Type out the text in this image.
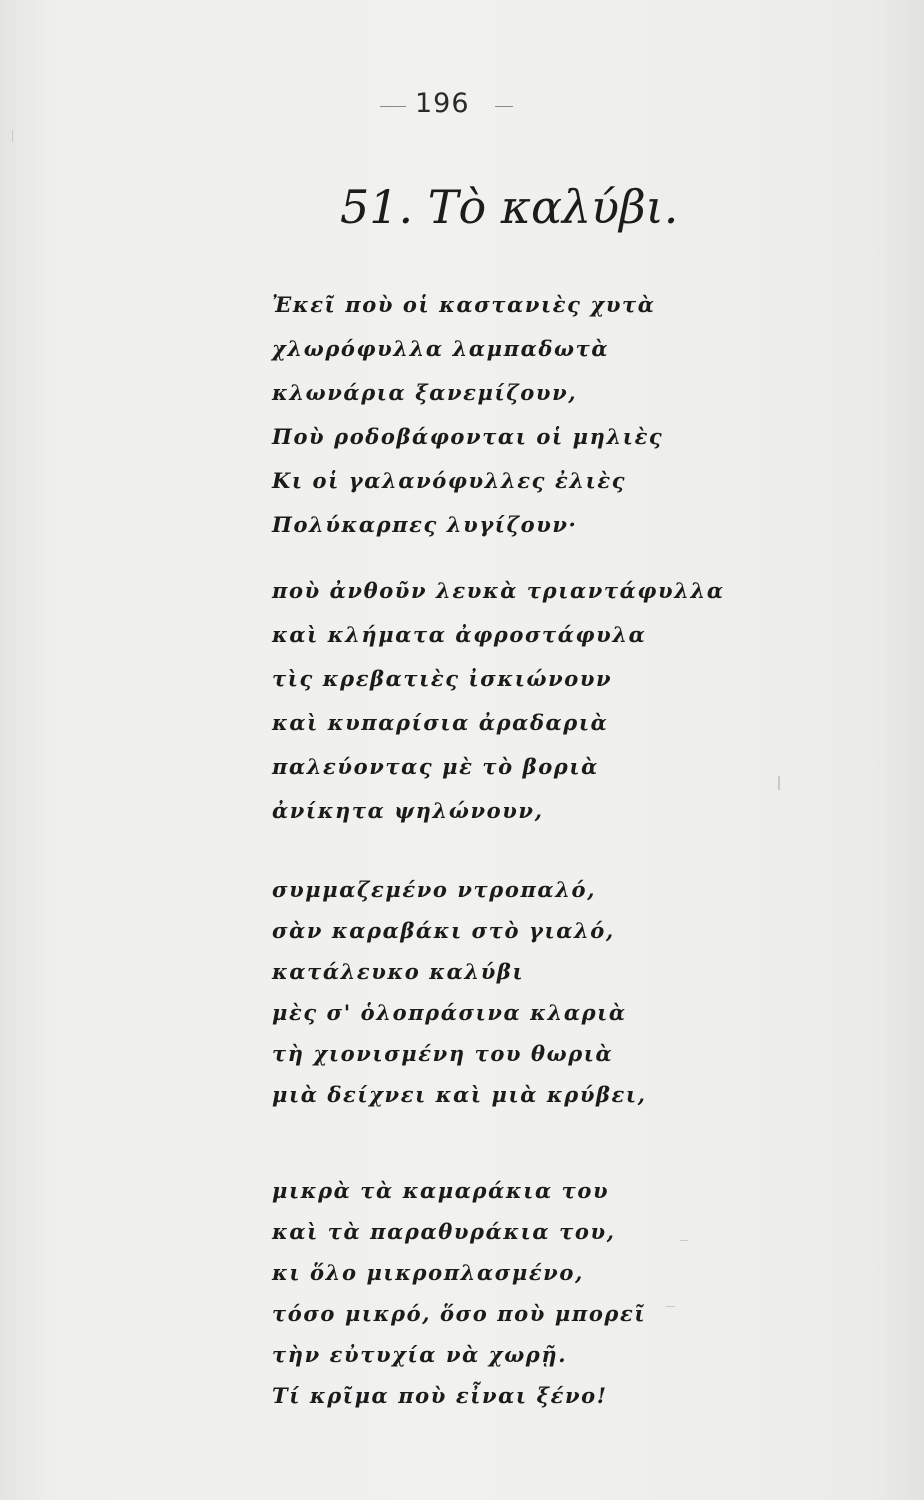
196
51. Τὸ καλύβι.
Ἐκεῖ ποὺ οἱ καστανιὲς χυτὰ
χλωρόφυλλα λαμπαδωτὰ
κλωνάρια ξανεμίζουν,
Ποὺ ροδοβάφονται οἱ μηλιὲς
Κι οἱ γαλανόφυλλες ἐλιὲς
Πολύκαρπες λυγίζουν·
ποὺ ἀνθοῦν λευκὰ τριαντάφυλλα
καὶ κλήματα ἀφροστάφυλα
τὶς κρεβατιὲς ἰσκιώνουν
καὶ κυπαρίσια ἀραδαριὰ
παλεύοντας μὲ τὸ βοριὰ
ἀνίκητα ψηλώνουν,
συμμαζεμένο ντροπαλό,
σὰν καραβάκι στὸ γιαλό,
κατάλευκο καλύβι
μὲς σ' ὁλοπράσινα κλαριὰ
τὴ χιονισμένη του θωριὰ
μιὰ δείχνει καὶ μιὰ κρύβει,
μικρὰ τὰ καμαράκια του
καὶ τὰ παραθυράκια του,
κι ὅλο μικροπλασμένο,
τόσο μικρό, ὅσο ποὺ μπορεῖ
τὴν εὐτυχία νὰ χωρῇ.
Τί κρῖμα ποὺ εἶναι ξένο!
